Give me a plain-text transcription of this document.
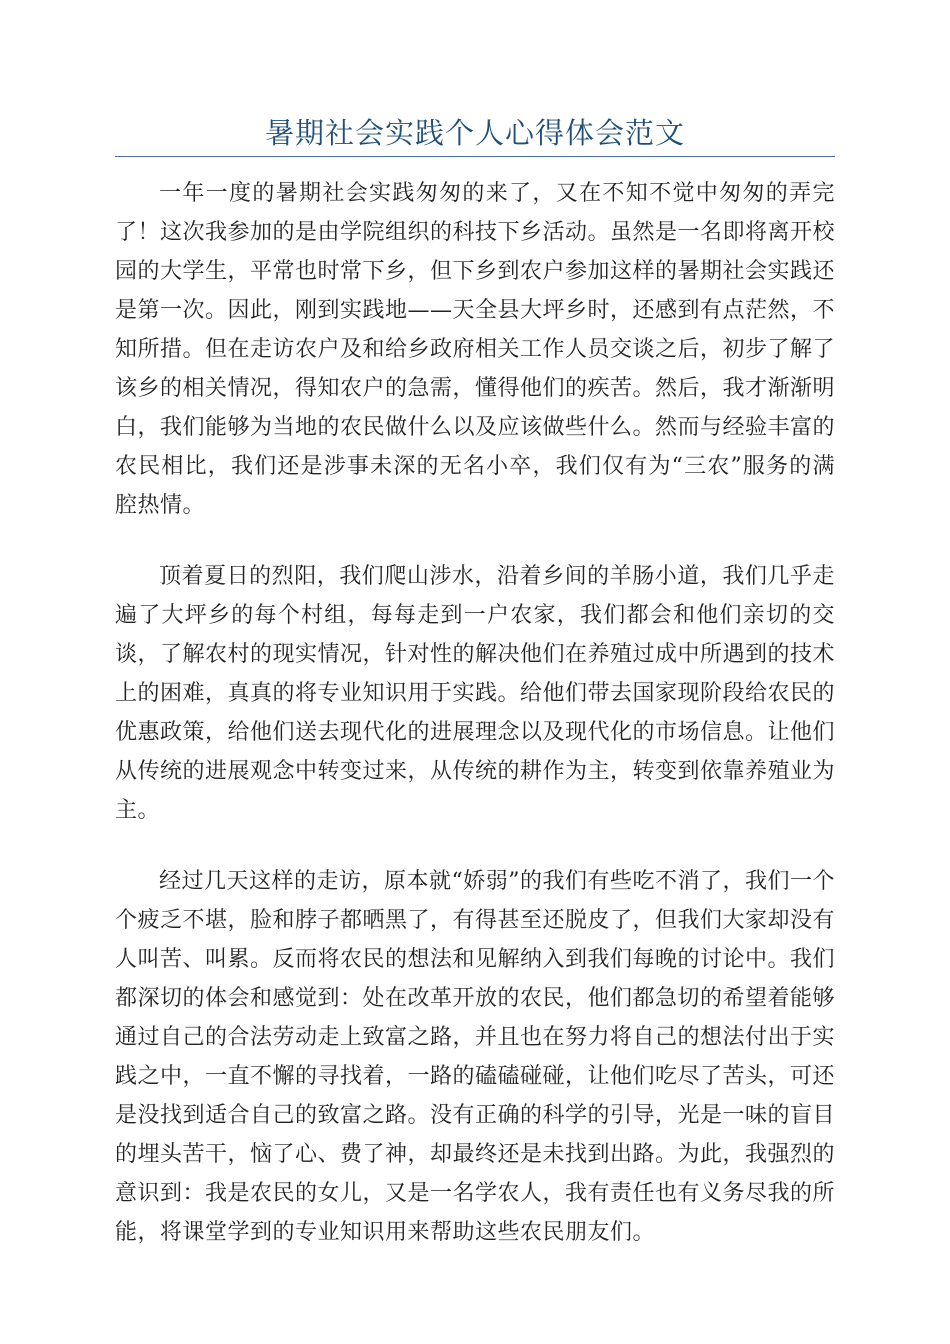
暑期社会实践个人心得体会范文

一年一度的暑期社会实践匆匆的来了，又在不知不觉中匆匆的弄完了！这次我参加的是由学院组织的科技下乡活动。虽然是一名即将离开校园的大学生，平常也时常下乡，但下乡到农户参加这样的暑期社会实践还是第一次。因此，刚到实践地——天全县大坪乡时，还感到有点茫然，不知所措。但在走访农户及和给乡政府相关工作人员交谈之后，初步了解了该乡的相关情况，得知农户的急需，懂得他们的疾苦。然后，我才渐渐明白，我们能够为当地的农民做什么以及应该做些什么。然而与经验丰富的农民相比，我们还是涉事未深的无名小卒，我们仅有为“三农”服务的满腔热情。

顶着夏日的烈阳，我们爬山涉水，沿着乡间的羊肠小道，我们几乎走遍了大坪乡的每个村组，每每走到一户农家，我们都会和他们亲切的交谈，了解农村的现实情况，针对性的解决他们在养殖过成中所遇到的技术上的困难，真真的将专业知识用于实践。给他们带去国家现阶段给农民的优惠政策，给他们送去现代化的进展理念以及现代化的市场信息。让他们从传统的进展观念中转变过来，从传统的耕作为主，转变到依靠养殖业为主。

经过几天这样的走访，原本就“娇弱”的我们有些吃不消了，我们一个个疲乏不堪，脸和脖子都晒黑了，有得甚至还脱皮了，但我们大家却没有人叫苦、叫累。反而将农民的想法和见解纳入到我们每晚的讨论中。我们都深切的体会和感觉到：处在改革开放的农民，他们都急切的希望着能够通过自己的合法劳动走上致富之路，并且也在努力将自己的想法付出于实践之中，一直不懈的寻找着，一路的磕磕碰碰，让他们吃尽了苦头，可还是没找到适合自己的致富之路。没有正确的科学的引导，光是一味的盲目的埋头苦干，恼了心、费了神，却最终还是未找到出路。为此，我强烈的意识到：我是农民的女儿，又是一名学农人，我有责任也有义务尽我的所能，将课堂学到的专业知识用来帮助这些农民朋友们。
